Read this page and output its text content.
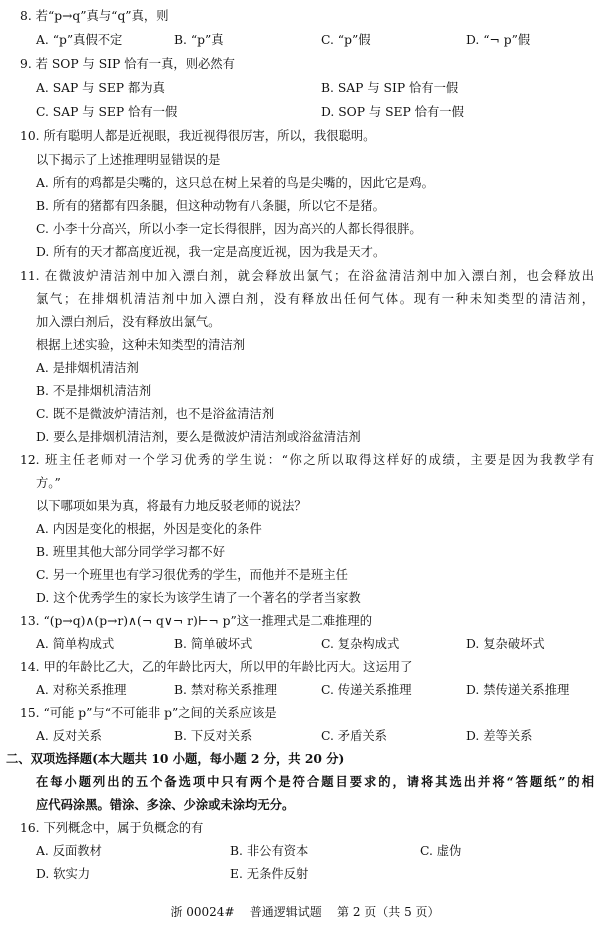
8. 若“p→q”真与“q”真，则
A. “p”真假不定	B. “p”真	C. “p”假	D. “¬ p”假
9. 若 SOP 与 SIP 恰有一真，则必然有
A. SAP 与 SEP 都为真	B. SAP 与 SIP 恰有一假
C. SAP 与 SEP 恰有一假	D. SOP 与 SEP 恰有一假
10. 所有聪明人都是近视眼，我近视得很厉害，所以，我很聪明。
以下揭示了上述推理明显错误的是
A. 所有的鸡都是尖嘴的，这只总在树上呆着的鸟是尖嘴的，因此它是鸡。
B. 所有的猪都有四条腿，但这种动物有八条腿，所以它不是猪。
C. 小李十分高兴，所以小李一定长得很胖，因为高兴的人都长得很胖。
D. 所有的天才都高度近视，我一定是高度近视，因为我是天才。
11. 在微波炉清洁剂中加入漂白剂，就会释放出氯气；在浴盆清洁剂中加入漂白剂，也会释放出
氯气；在排烟机清洁剂中加入漂白剂，没有释放出任何气体。现有一种未知类型的清洁剂，
加入漂白剂后，没有释放出氯气。
根据上述实验，这种未知类型的清洁剂
A. 是排烟机清洁剂
B. 不是排烟机清洁剂
C. 既不是微波炉清洁剂，也不是浴盆清洁剂
D. 要么是排烟机清洁剂，要么是微波炉清洁剂或浴盆清洁剂
12. 班主任老师对一个学习优秀的学生说：“你之所以取得这样好的成绩，主要是因为我教学有
方。”
以下哪项如果为真，将最有力地反驳老师的说法？
A. 内因是变化的根据，外因是变化的条件
B. 班里其他大部分同学学习都不好
C. 另一个班里也有学习很优秀的学生，而他并不是班主任
D. 这个优秀学生的家长为该学生请了一个著名的学者当家教
13. “(p→q)∧(p→r)∧(¬ q∨¬ r)⊢¬ p”这一推理式是二难推理的
A. 简单构成式	B. 简单破坏式	C. 复杂构成式	D. 复杂破坏式
14. 甲的年龄比乙大，乙的年龄比丙大，所以甲的年龄比丙大。这运用了
A. 对称关系推理	B. 禁对称关系推理	C. 传递关系推理	D. 禁传递关系推理
15. “可能 p”与“不可能非 p”之间的关系应该是
A. 反对关系	B. 下反对关系	C. 矛盾关系	D. 差等关系
二、双项选择题(本大题共 10 小题，每小题 2 分，共 20 分)
在每小题列出的五个备选项中只有两个是符合题目要求的，请将其选出并将“答题纸”的相
应代码涂黑。错涂、多涂、少涂或未涂均无分。
16. 下列概念中，属于负概念的有
A. 反面教材	B. 非公有资本	C. 虚伪
D. 软实力	E. 无条件反射
浙 00024#    普通逻辑试题    第 2 页（共 5 页）
